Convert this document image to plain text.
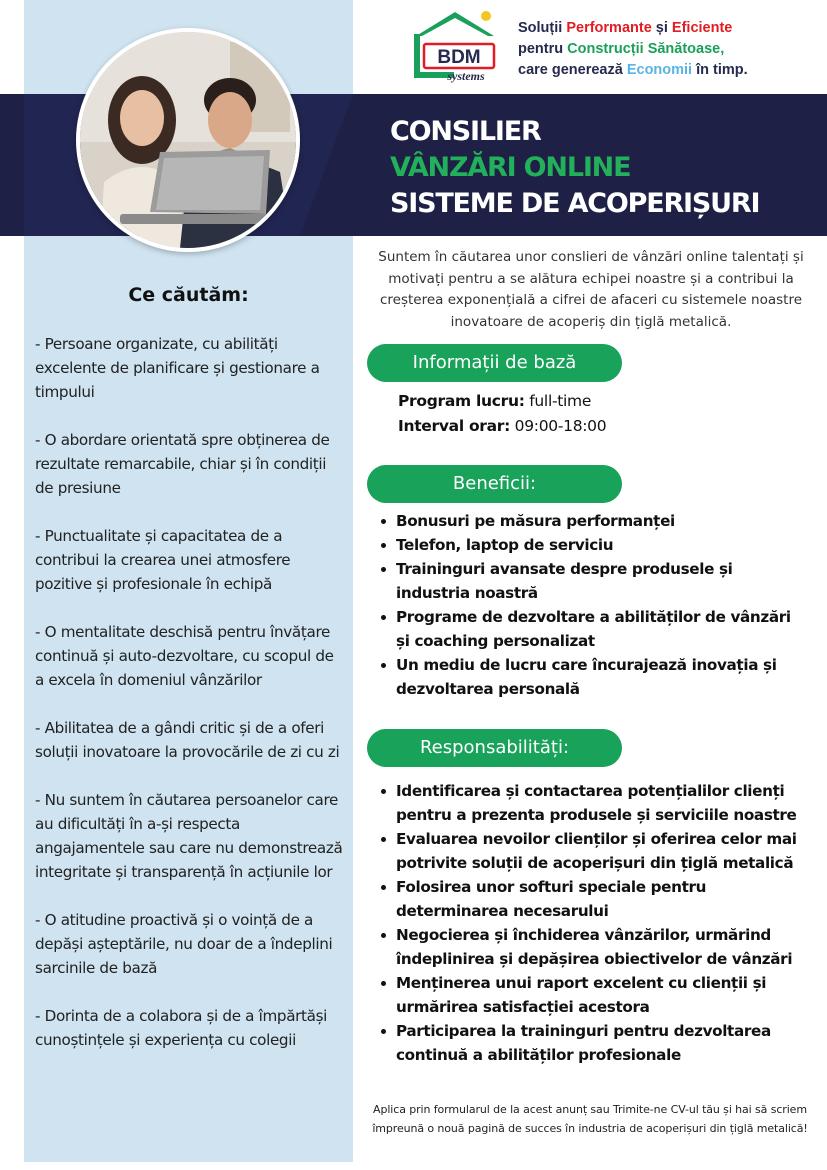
BDM
systems
Soluții Performante și Eficiente
pentru Construcții Sănătoase,
care generează Economii în timp.
CONSILIER
VÂNZĂRI ONLINE
SISTEME DE ACOPERIȘURI
Suntem în căutarea unor conslieri de vânzări online talentați și motivați pentru a se alătura echipei noastre și a contribui la creșterea exponențială a cifrei de afaceri cu sistemele noastre inovatoare de acoperiș din țiglă metalică.
Informații de bază
Program lucru: full-time
Interval orar: 09:00-18:00
Beneficii:
Bonusuri pe măsura performanței
Telefon, laptop de serviciu
Traininguri avansate despre produsele și industria noastră
Programe de dezvoltare a abilităților de vânzări și coaching personalizat
Un mediu de lucru care încurajează inovația și dezvoltarea personală
Responsabilități:
Identificarea și contactarea potențialilor clienți pentru a prezenta produsele și serviciile noastre
Evaluarea nevoilor clienților și oferirea celor mai potrivite soluții de acoperișuri din țiglă metalică
Folosirea unor softuri speciale pentru determinarea necesarului
Negocierea și închiderea vânzărilor, urmărind îndeplinirea și depășirea obiectivelor de vânzări
Menținerea unui raport excelent cu clienții și urmărirea satisfacției acestora
Participarea la traininguri pentru dezvoltarea continuă a abilităților profesionale
Aplica prin formularul de la acest anunț sau Trimite-ne CV-ul tău și hai să scriem împreună o nouă pagină de succes în industria de acoperișuri din țiglă metalică!
Ce căutăm:

- Persoane organizate, cu abilități excelente de planificare și gestionare a timpului

- O abordare orientată spre obținerea de rezultate remarcabile, chiar și în condiții de presiune

- Punctualitate și capacitatea de a contribui la crearea unei atmosfere pozitive și profesionale în echipă

- O mentalitate deschisă pentru învățare continuă și auto-dezvoltare, cu scopul de a excela în domeniul vânzărilor

- Abilitatea de a gândi critic și de a oferi soluții inovatoare la provocările de zi cu zi

- Nu suntem în căutarea persoanelor care au dificultăți în a-și respecta angajamentele sau care nu demonstrează integritate și transparență în acțiunile lor

- O atitudine proactivă și o voință de a depăși așteptările, nu doar de a îndeplini sarcinile de bază

- Dorinta de a colabora și de a împărtăși cunoștințele și experiența cu colegii
